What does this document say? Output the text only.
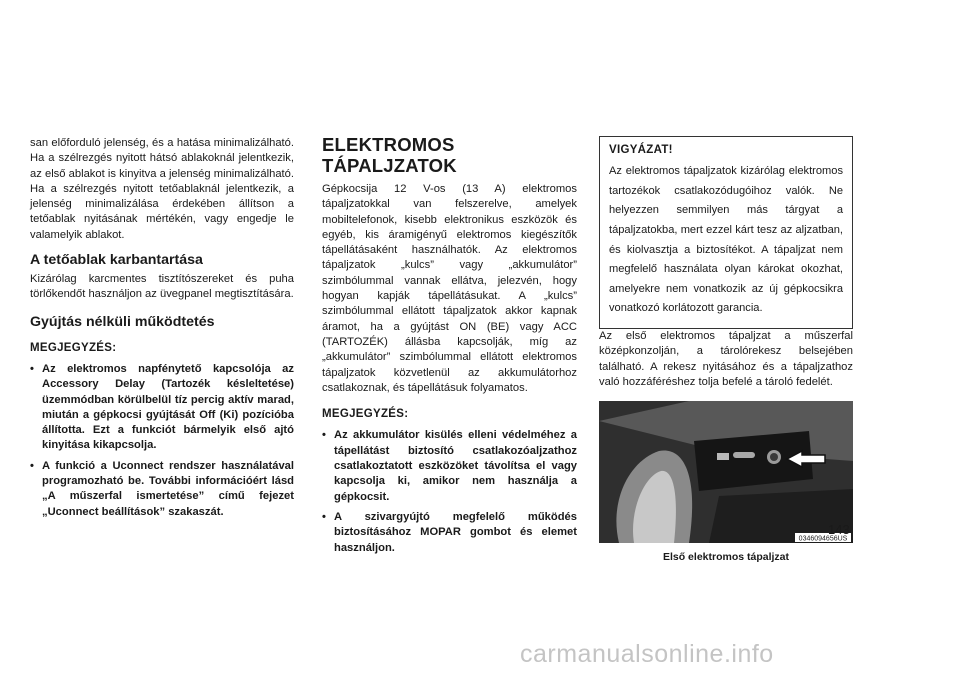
san előforduló jelenség, és a hatása minimalizálható. Ha a szélrezgés nyitott hátsó ablakoknál jelentkezik, az első ablakot is kinyitva a jelenség minimalizálható. Ha a szélrezgés nyitott tetőablaknál jelentkezik, a jelenség minimalizálása érdekében állítson a tetőablak nyitásának mértékén, vagy engedje le valamelyik ablakot.

A tetőablak karbantartása

Kizárólag karcmentes tisztítószereket és puha törlőkendőt használjon az üvegpanel megtisztítására.

Gyújtás nélküli működtetés
MEGJEGYZÉS:
• Az elektromos napfénytető kapcsolója az Accessory Delay (Tartozék késleltetése) üzemmódban körülbelül tíz percig aktív marad, miután a gépkocsi gyújtását Off (Ki) pozícióba állította. Ezt a funkciót bármelyik első ajtó kinyitása kikapcsolja.
• A funkció a Uconnect rendszer használatával programozható be. További információért lásd „A műszerfal ismertetése” című fejezet „Uconnect beállítások” szakaszát.
ELEKTROMOS TÁPALJZATOK

Gépkocsija 12 V-os (13 A) elektromos tápaljzatokkal van felszerelve, amelyek mobiltelefonok, kisebb elektronikus eszközök és egyéb, kis áramigényű elektromos kiegészítők tápellátásaként használhatók. Az elektromos tápaljzatok „kulcs” vagy „akkumulátor” szimbólummal vannak ellátva, jelezvén, hogy hogyan kapják tápellátásukat. A „kulcs” szimbólummal ellátott tápaljzatok akkor kapnak áramot, ha a gyújtást ON (BE) vagy ACC (TARTOZÉK) állásba kapcsolják, míg az „akkumulátor” szimbólummal ellátott elektromos tápaljzatok közvetlenül az akkumulátorhoz csatlakoznak, és tápellátásuk folyamatos.

MEGJEGYZÉS:
• Az akkumulátor kisülés elleni védelméhez a tápellátást biztosító csatlakozóaljzathoz csatlakoztatott eszközöket távolítsa el vagy kapcsolja ki, amikor nem használja a gépkocsit.
• A szivargyújtó megfelelő működés biztosításához MOPAR gombot és elemet használjon.
VIGYÁZAT!

Az elektromos tápaljzatok kizárólag elektromos tartozékok csatlakozódugóihoz valók. Ne helyezzen semmilyen más tárgyat a tápaljzatokba, mert ezzel kárt tesz az aljzatban, és kiolvasztja a biztosítékot. A tápaljzat nem megfelelő használata olyan károkat okozhat, amelyekre nem vonatkozik az új gépkocsikra vonatkozó korlátozott garancia.

Az első elektromos tápaljzat a műszerfal középkonzolján, a tárolórekesz belsejében található. A rekesz nyitásához és a tápaljzathoz való hozzáféréshez tolja befelé a tároló fedelét.

0346094656US
Első elektromos tápaljzat
143
carmanualsonline.info
